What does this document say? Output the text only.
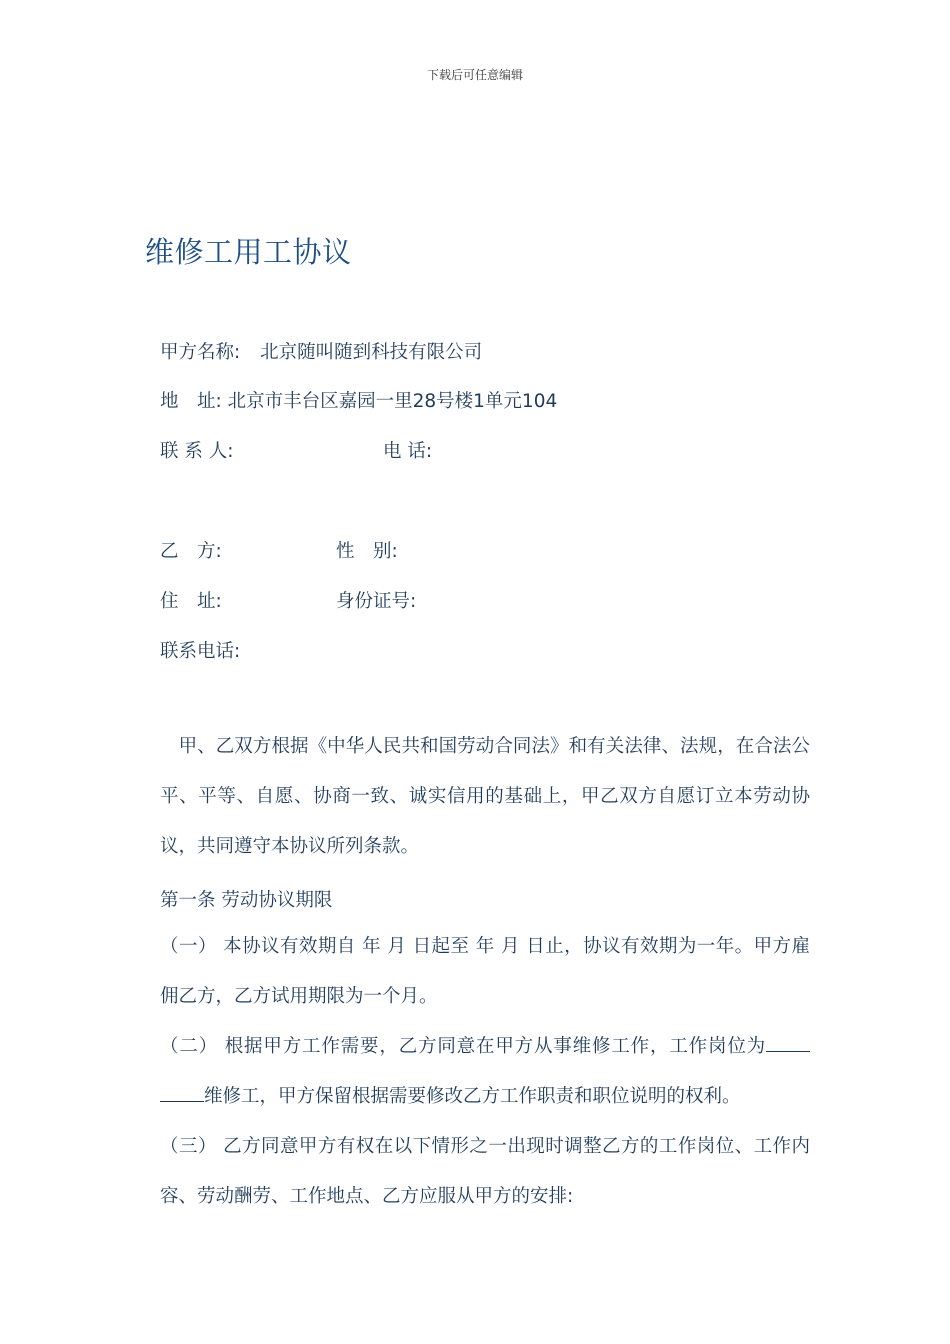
下载后可任意编辑
维修工用工协议
甲方名称: 北京随叫随到科技有限公司
地　址: 北京市丰台区嘉园一里28号楼1单元104
联 系 人:	电 话:
乙　方:	性　别:
住　址:	身份证号:
联系电话:
　甲、乙双方根据《中华人民共和国劳动合同法》和有关法律、法规，在合法公平、平等、自愿、协商一致、诚实信用的基础上，甲乙双方自愿订立本劳动协议，共同遵守本协议所列条款。
第一条 劳动协议期限
（一） 本协议有效期自 年 月 日起至 年 月 日止，协议有效期为一年。甲方雇佣乙方，乙方试用期限为一个月。
（二） 根据甲方工作需要，乙方同意在甲方从事维修工作，工作岗位为维修工，甲方保留根据需要修改乙方工作职责和职位说明的权利。
（三） 乙方同意甲方有权在以下情形之一出现时调整乙方的工作岗位、工作内容、劳动酬劳、工作地点、乙方应服从甲方的安排:
